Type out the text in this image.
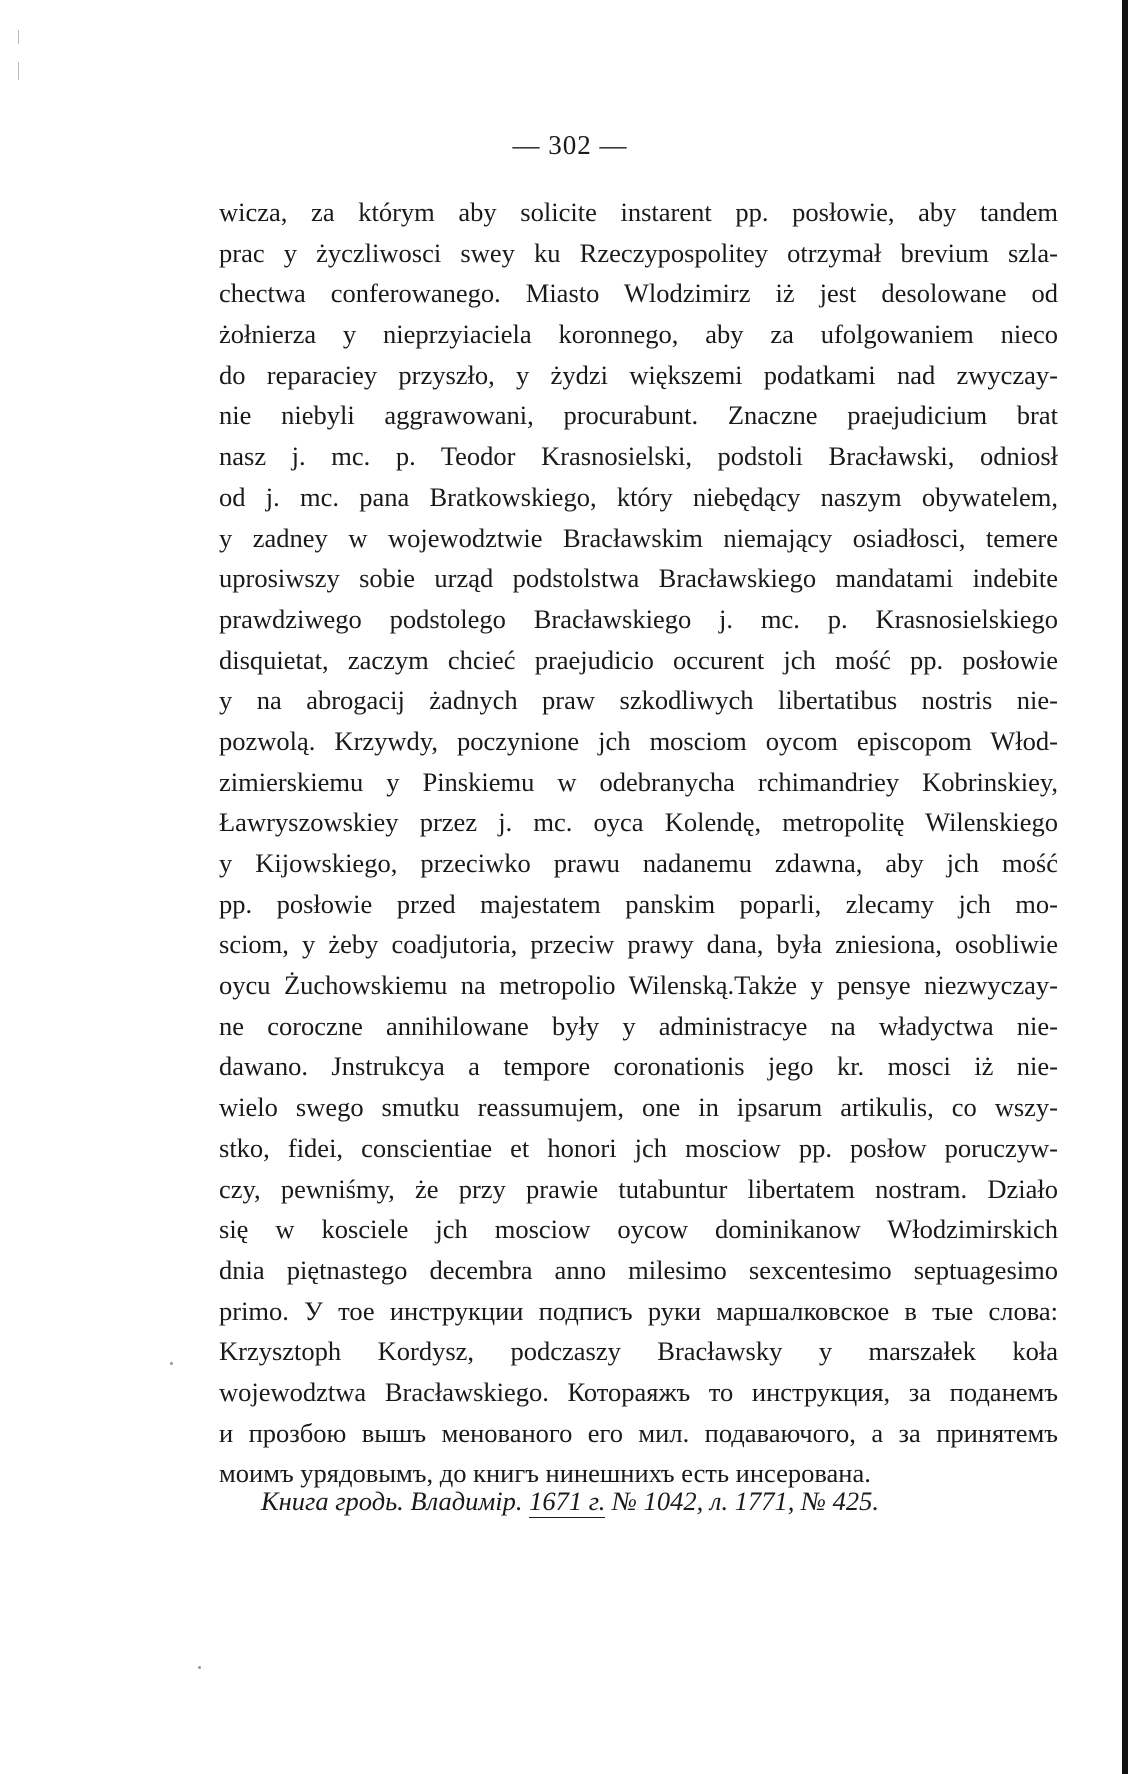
— 302 —
wicza, za którym aby solicite instarent pp. posłowie, aby tandem
prac y życzliwosci swey ku Rzeczypospolitey otrzymał brevium szla-
chectwa conferowanego. Miasto Wlodzimirz iż jest desolowane od
żołnierza y nieprzyiaciela koronnego, aby za ufolgowaniem nieco
do reparaciey przyszło, y żydzi większemi podatkami nad zwyczay-
nie niebyli aggrawowani, procurabunt. Znaczne praejudicium brat
nasz j. mc. p. Teodor Krasnosielski, podstoli Bracławski, odniosł
od j. mc. pana Bratkowskiego, który niebędący naszym obywatelem,
y zadney w wojewodztwie Bracławskim niemający osiadłosci, temere
uprosiwszy sobie urząd podstolstwa Bracławskiego mandatami indebite
prawdziwego podstolego Bracławskiego j. mc. p. Krasnosielskiego
disquietat, zaczym chcieć praejudicio occurent jch mość pp. posłowie
y na abrogacij żadnych praw szkodliwych libertatibus nostris nie-
pozwolą. Krzywdy, poczynione jch mosciom oycom episcopom Włod-
zimierskiemu y Pinskiemu w odebranycha rchimandriey Kobrinskiey,
Ławryszowskiey przez j. mc. oyca Kolendę, metropolitę Wilenskiego
y Kijowskiego, przeciwko prawu nadanemu zdawna, aby jch mość
pp. posłowie przed majestatem panskim poparli, zlecamy jch mo-
sciom, y żeby coadjutoria, przeciw prawy dana, była zniesiona, osobliwie
oycu Żuchowskiemu na metropolio Wilenską.Także y pensye niezwyczay-
ne coroczne annihilowane były y administracye na władyctwa nie-
dawano. Jnstrukcya a tempore coronationis jego kr. mosci iż nie-
wielo swego smutku reassumujem, one in ipsarum artikulis, co wszy-
stko, fidei, conscientiae et honori jch mosciow pp. posłow poruczyw-
czy, pewniśmy, że przy prawie tutabuntur libertatem nostram. Działo
się w kosciele jch mosciow oycow dominikanow Włodzimirskich
dnia piętnastego decembra anno milesimo sexcentesimo septuagesimo
primo. У тое инструкции подписъ руки маршалковское в тые слова:
Krzysztoph Kordysz, podczaszy Bracławsky y marszałek koła
wojewodztwa Bracławskiego. Котораяжъ то инструкция, за поданемъ
и прозбою вышъ менованого его мил. подаваючого, а за принятемъ
моимъ урядовымъ, до книгъ нинешнихъ есть инсерована.
Книга гродь. Владимір. 1671 г. № 1042, л. 1771, № 425.
